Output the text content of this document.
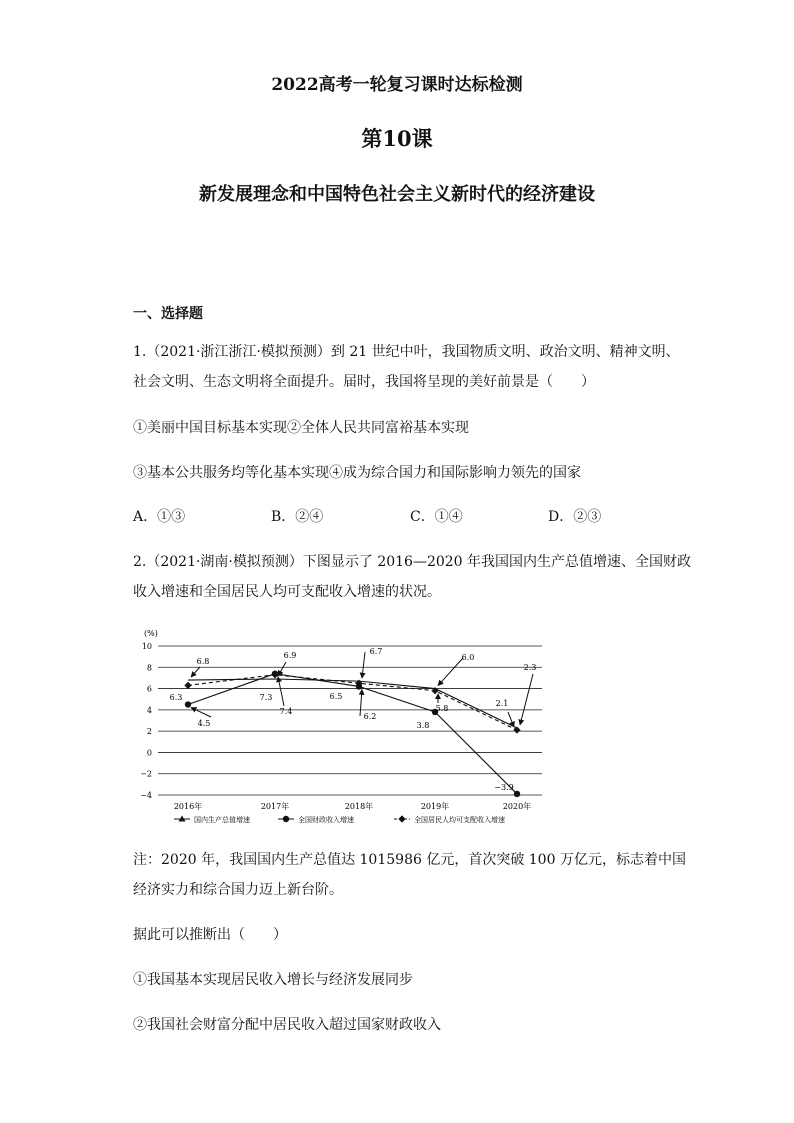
2022高考一轮复习课时达标检测
第10课
新发展理念和中国特色社会主义新时代的经济建设
一、选择题
1.（2021·浙江浙江·模拟预测）到 21 世纪中叶，我国物质文明、政治文明、精神文明、
社会文明、生态文明将全面提升。届时，我国将呈现的美好前景是（　　）
①美丽中国目标基本实现②全体人民共同富裕基本实现
③基本公共服务均等化基本实现④成为综合国力和国际影响力领先的国家
A．①③	B．②④	C．①④	D．②③
2.（2021·湖南·模拟预测）下图显示了 2016—2020 年我国国内生产总值增速、全国财政
收入增速和全国居民人均可支配收入增速的状况。
−4
−2
0
2
4
6
8
10
(%)
6.8
6.3
4.5
6.9
7.3
7.4
6.7
6.5
6.2
6.0
5.8
3.8
2.3
2.1
−3.9
2016年	2017年	2018年	2019年	2020年
国内生产总值增速	全国财政收入增速	全国居民人均可支配收入增速
注：2020 年，我国国内生产总值达 1015986 亿元，首次突破 100 万亿元，标志着中国
经济实力和综合国力迈上新台阶。
据此可以推断出（　　）
①我国基本实现居民收入增长与经济发展同步
②我国社会财富分配中居民收入超过国家财政收入
